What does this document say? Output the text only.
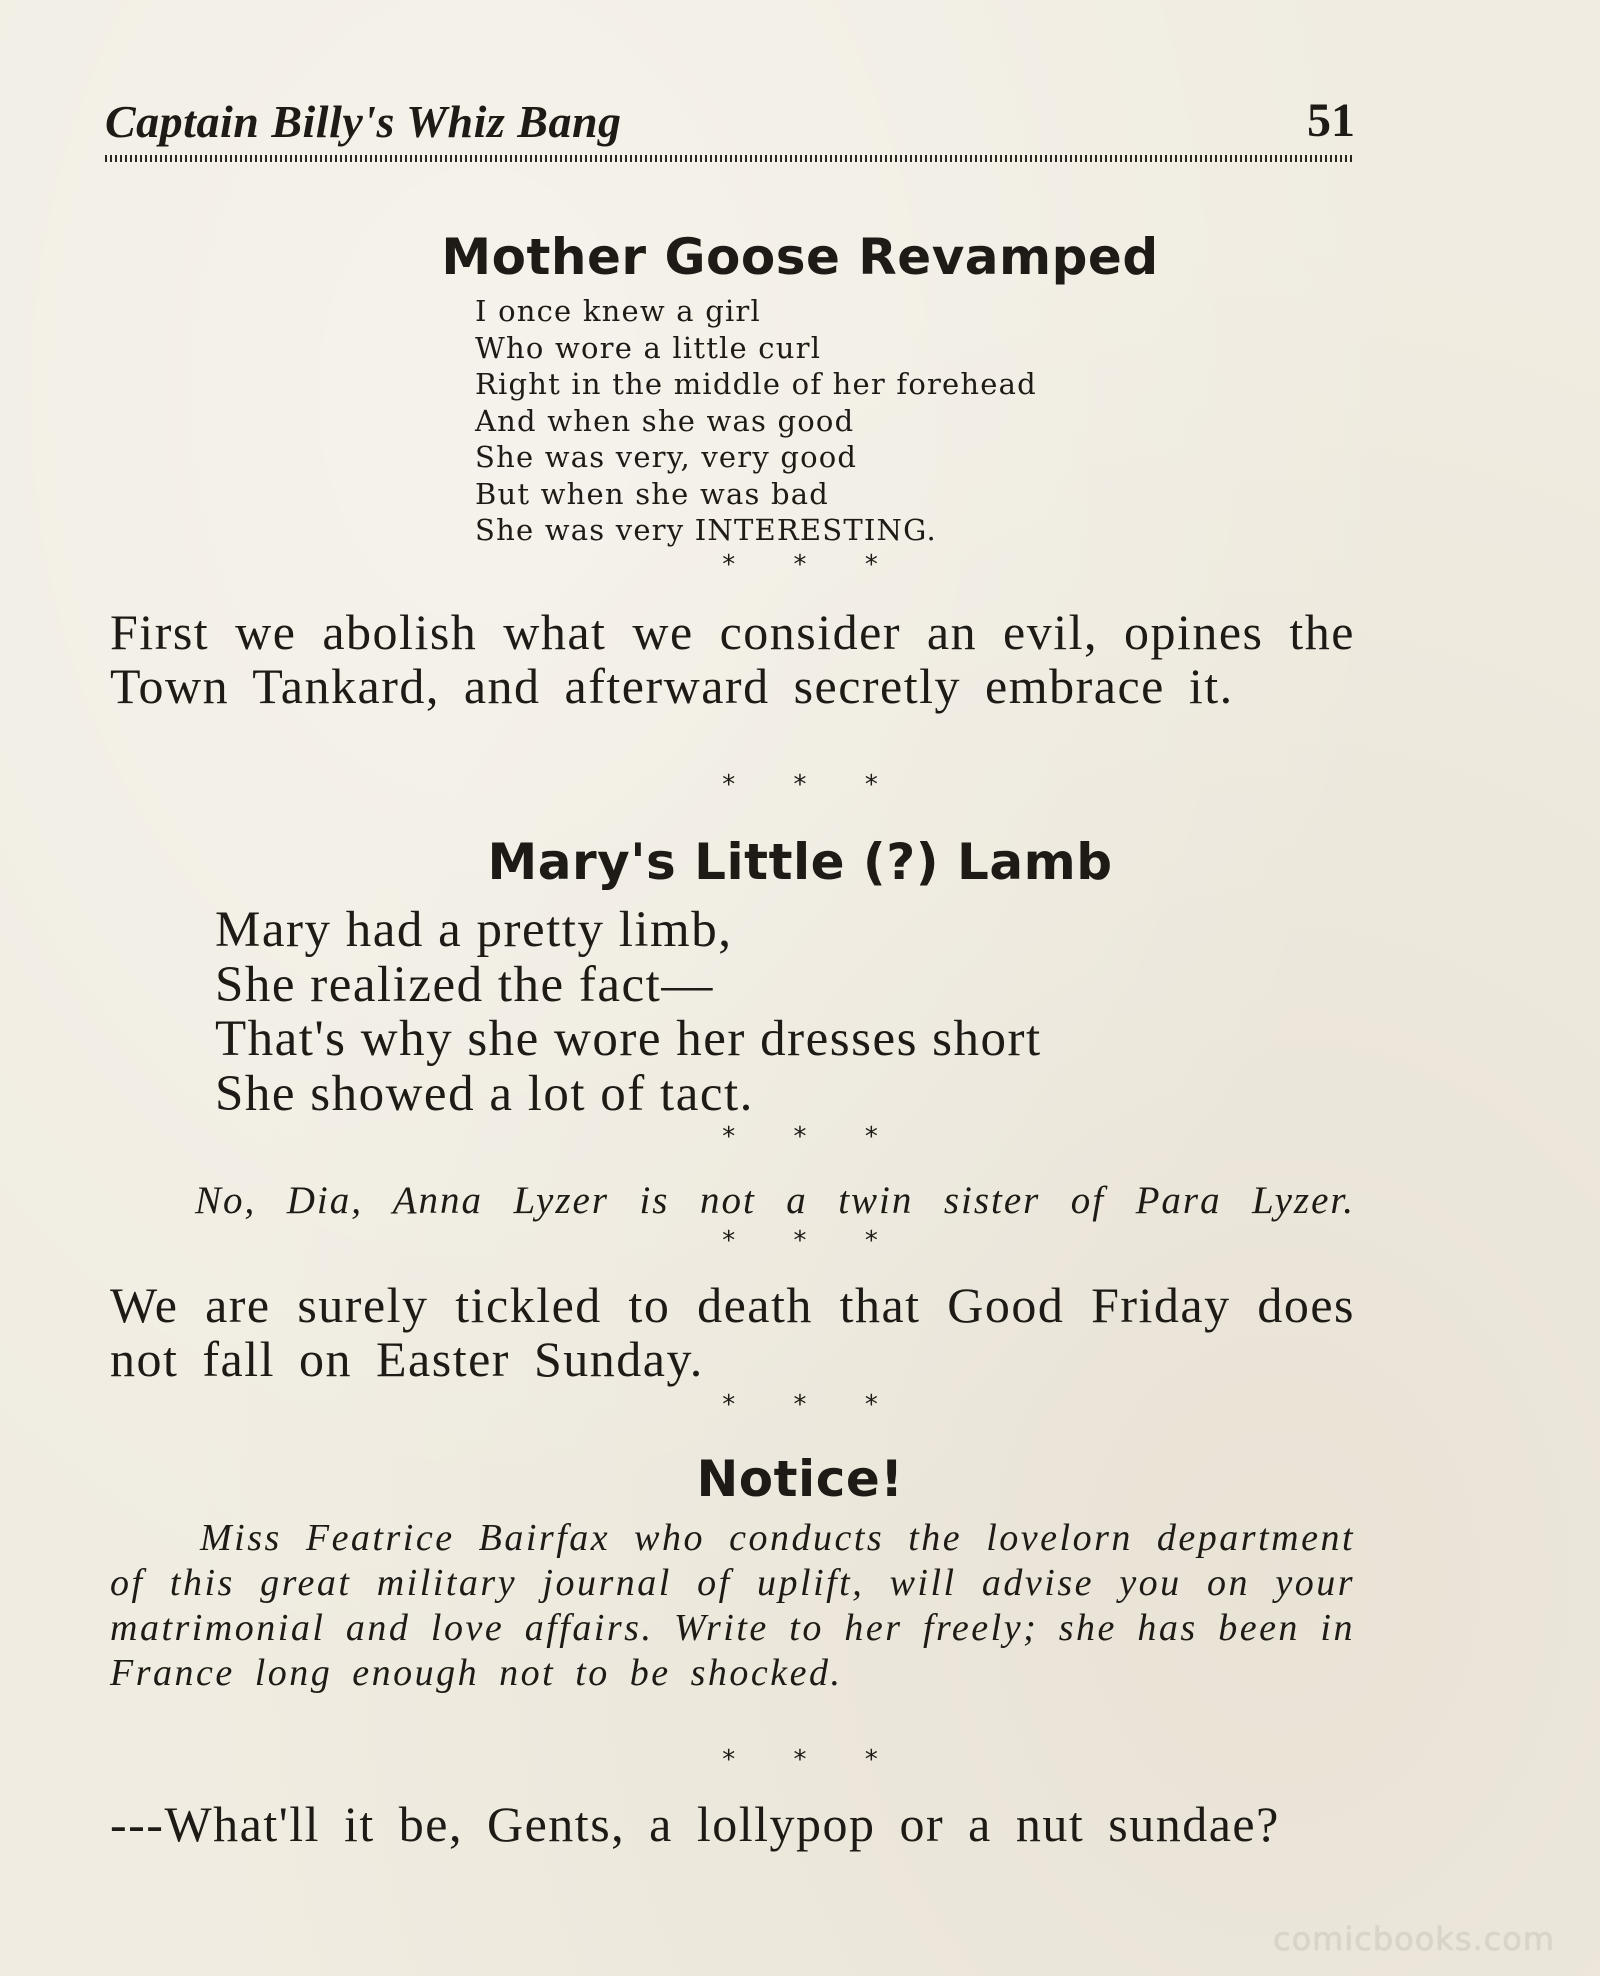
Captain Billy's Whiz Bang	51
Mother Goose Revamped
I once knew a girl
Who wore a little curl
Right in the middle of her forehead
And when she was good
She was very, very good
But when she was bad
She was very INTERESTING.
* * *
First we abolish what we consider an evil, opines the Town Tankard, and afterward secretly embrace it.
* * *
Mary's Little (?) Lamb
Mary had a pretty limb,
She realized the fact—
That's why she wore her dresses short
She showed a lot of tact.
* * *
No, Dia, Anna Lyzer is not a twin sister of Para Lyzer.
* * *
We are surely tickled to death that Good Friday does not fall on Easter Sunday.
* * *
Notice!
Miss Featrice Bairfax who conducts the lovelorn department of this great military journal of uplift, will advise you on your matrimonial and love affairs. Write to her freely; she has been in France long enough not to be shocked.
* * *
---What'll it be, Gents, a lollypop or a nut sundae?
comicbooks.com
